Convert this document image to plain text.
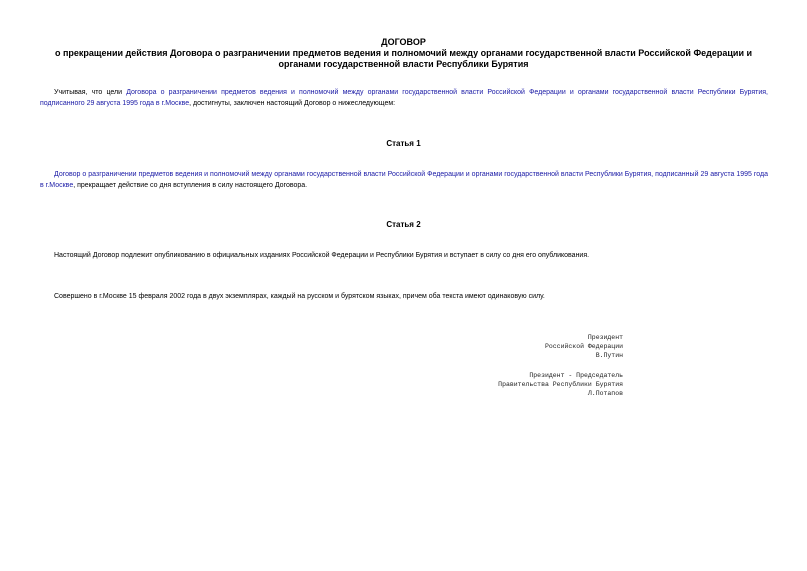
ДОГОВОР
о прекращении действия Договора о разграничении предметов ведения и полномочий между органами государственной власти Российской Федерации и органами государственной власти Республики Бурятия
Учитывая, что цели Договора о разграничении предметов ведения и полномочий между органами государственной власти Российской Федерации и органами государственной власти Республики Бурятия, подписанного 29 августа 1995 года в г.Москве, достигнуты, заключен настоящий Договор о нижеследующем:
Статья 1
Договор о разграничении предметов ведения и полномочий между органами государственной власти Российской Федерации и органами государственной власти Республики Бурятия, подписанный 29 августа 1995 года в г.Москве, прекращает действие со дня вступления в силу настоящего Договора.
Статья 2
Настоящий Договор подлежит опубликованию в официальных изданиях Российской Федерации и Республики Бурятия и вступает в силу со дня его опубликования.
Совершено в г.Москве 15 февраля 2002 года в двух экземплярах, каждый на русском и бурятском языках, причем оба текста имеют одинаковую силу.
Президент
Российской Федерации
В.Путин
Президент - Председатель
Правительства Республики Бурятия
Л.Потапов
